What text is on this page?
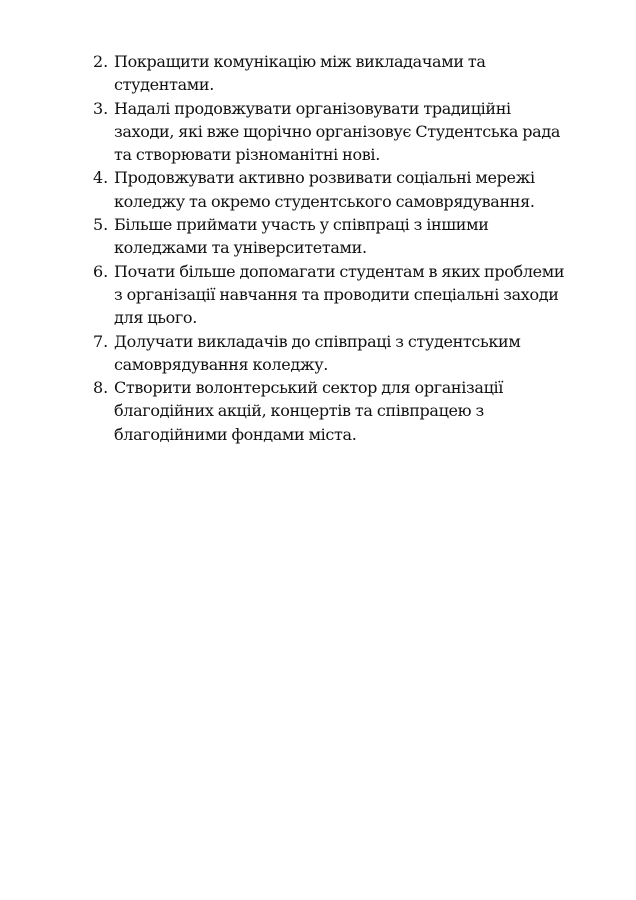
2. Покращити комунікацію між викладачами та
студентами.
3. Надалі продовжувати організовувати традиційні
заходи, які вже щорічно організовує Студентська рада
та створювати різноманітні нові.
4. Продовжувати активно розвивати соціальні мережі
коледжу та окремо студентського самоврядування.
5. Більше приймати участь у співпраці з іншими
коледжами та університетами.
6. Почати більше допомагати студентам в яких проблеми
з організації навчання та проводити спеціальні заходи
для цього.
7. Долучати викладачів до співпраці з студентським
самоврядування коледжу.
8. Створити волонтерський сектор для організації
благодійних акцій, концертів та співпрацею з
благодійними фондами міста.
